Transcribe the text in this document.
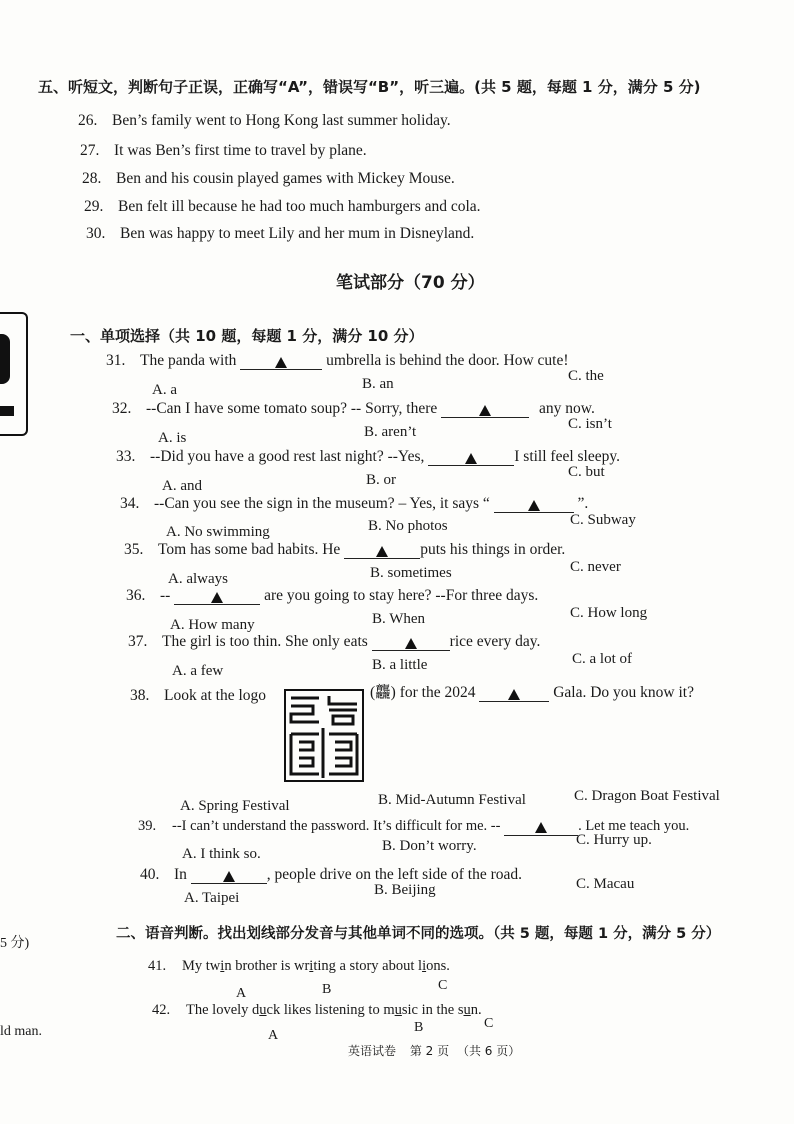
5 分)
ld man.
五、听短文，判断句子正误，正确写“A”，错误写“B”，听三遍。(共 5 题，每题 1 分，满分 5 分)
26. Ben’s family went to Hong Kong last summer holiday.
27. It was Ben’s first time to travel by plane.
28. Ben and his cousin played games with Mickey Mouse.
29. Ben felt ill because he had too much hamburgers and cola.
30. Ben was happy to meet Lily and her mum in Disneyland.
笔试部分（70 分）
一、单项选择（共 10 题，每题 1 分，满分 10 分）
31. The panda with	umbrella is behind the door. How cute!
A. a	B. an	C. the
32. --Can I have some tomato soup? -- Sorry, there	any now.
A. is	B. aren’t	C. isn’t
33. --Did you have a good rest last night? --Yes,	I still feel sleepy.
A. and	B. or	C. but
34. --Can you see the sign in the museum? – Yes, it says “	”.
A. No swimming	B. No photos	C. Subway
35. Tom has some bad habits. He	puts his things in order.
A. always	B. sometimes	C. never
36. --	are you going to stay here? --For three days.
A. How many	B. When	C. How long
37. The girl is too thin. She only eats	rice every day.
A. a few	B. a little	C. a lot of
38. Look at the logo	(龘) for the 2024	Gala. Do you know it?
A. Spring Festival	B. Mid-Autumn Festival	C. Dragon Boat Festival
39. --I can’t understand the password. It’s difficult for me. --	. Let me teach you.
A. I think so.	B. Don’t worry.	C. Hurry up.
40. In	, people drive on the left side of the road.
A. Taipei	B. Beijing	C. Macau
二、语音判断。找出划线部分发音与其他单词不同的选项。（共 5 题，每题 1 分，满分 5 分）
41. My twin brother is writing a story about lions.
A	B	C
42. The lovely duck likes listening to music in the sun.
A
B	C
英语试卷 第 2 页 （共 6 页）
